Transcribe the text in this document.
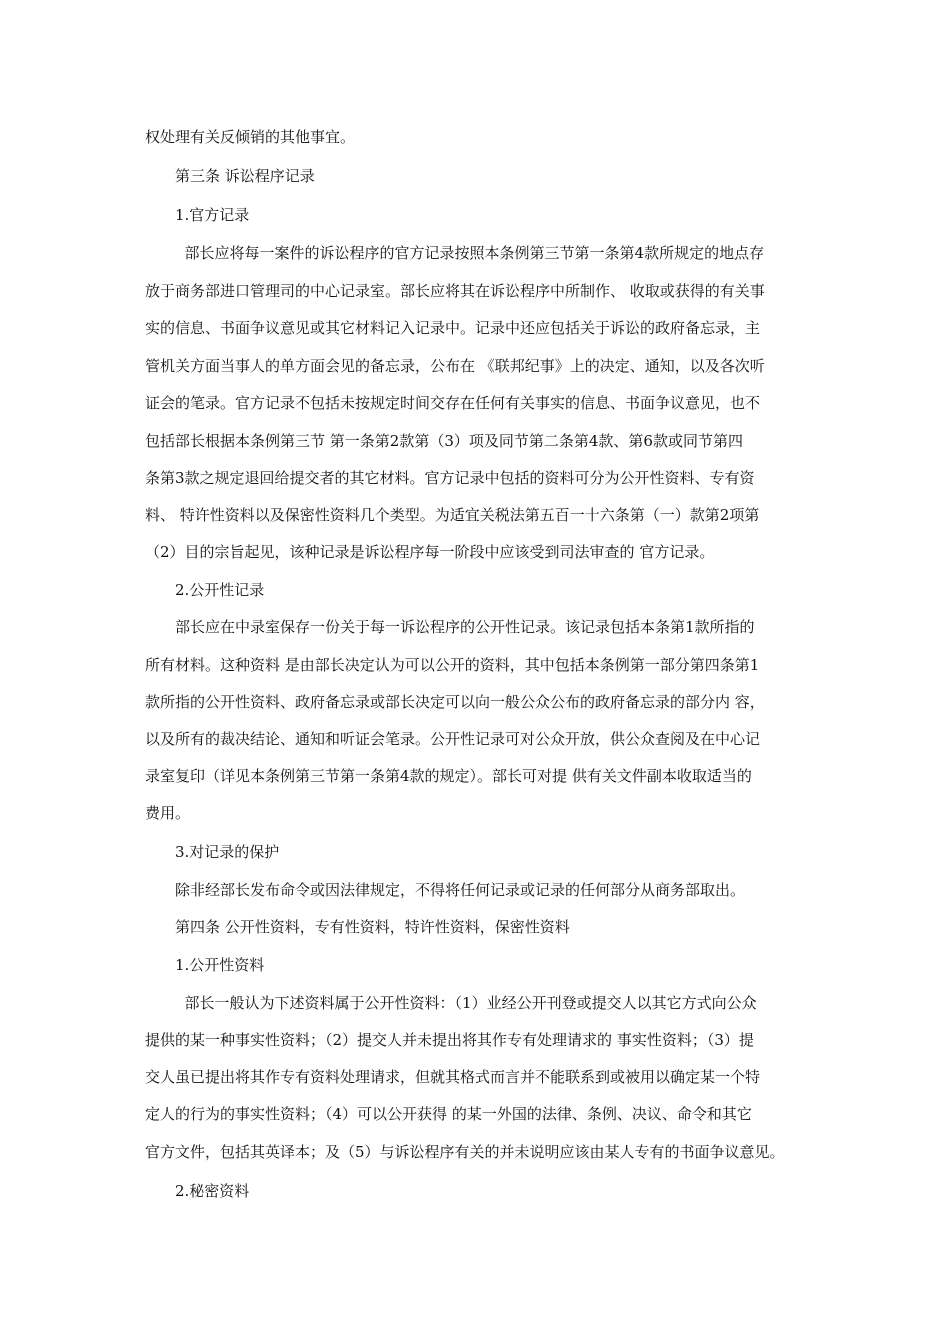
权处理有关反倾销的其他事宜。

第三条 诉讼程序记录

1.官方记录

部长应将每一案件的诉讼程序的官方记录按照本条例第三节第一条第4款所规定的地点存

放于商务部进口管理司的中心记录室。部长应将其在诉讼程序中所制作、 收取或获得的有关事

实的信息、书面争议意见或其它材料记入记录中。记录中还应包括关于诉讼的政府备忘录，主

管机关方面当事人的单方面会见的备忘录，公布在 《联邦纪事》上的决定、通知，以及各次听

证会的笔录。官方记录不包括未按规定时间交存在任何有关事实的信息、书面争议意见，也不

包括部长根据本条例第三节 第一条第2款第（3）项及同节第二条第4款、第6款或同节第四

条第3款之规定退回给提交者的其它材料。官方记录中包括的资料可分为公开性资料、专有资

料、 特许性资料以及保密性资料几个类型。为适宜关税法第五百一十六条第（一）款第2项第

（2）目的宗旨起见，该种记录是诉讼程序每一阶段中应该受到司法审查的 官方记录。

2.公开性记录

部长应在中录室保存一份关于每一诉讼程序的公开性记录。该记录包括本条第1款所指的

所有材料。这种资料 是由部长决定认为可以公开的资料，其中包括本条例第一部分第四条第1

款所指的公开性资料、政府备忘录或部长决定可以向一般公众公布的政府备忘录的部分内 容，

以及所有的裁决结论、通知和听证会笔录。公开性记录可对公众开放，供公众查阅及在中心记

录室复印（详见本条例第三节第一条第4款的规定）。部长可对提 供有关文件副本收取适当的

费用。

3.对记录的保护

除非经部长发布命令或因法律规定，不得将任何记录或记录的任何部分从商务部取出。

第四条 公开性资料，专有性资料，特许性资料，保密性资料

1.公开性资料

部长一般认为下述资料属于公开性资料：（1）业经公开刊登或提交人以其它方式向公众

提供的某一种事实性资料；（2）提交人并未提出将其作专有处理请求的 事实性资料；（3）提

交人虽已提出将其作专有资料处理请求，但就其格式而言并不能联系到或被用以确定某一个特

定人的行为的事实性资料；（4）可以公开获得 的某一外国的法律、条例、决议、命令和其它

官方文件，包括其英译本；及（5）与诉讼程序有关的并未说明应该由某人专有的书面争议意见。

2.秘密资料
